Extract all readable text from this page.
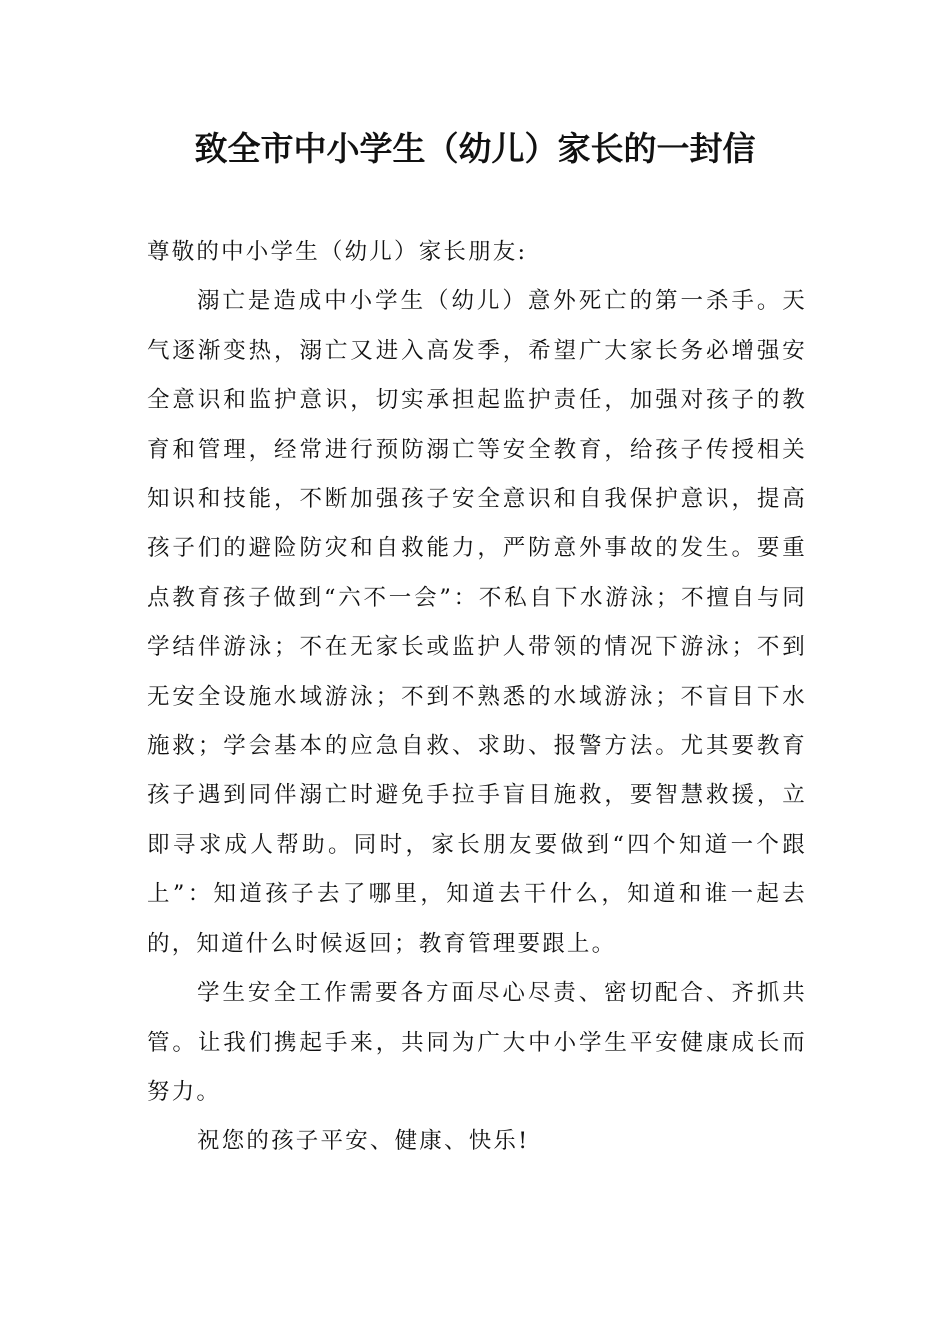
致全市中小学生（幼儿）家长的一封信

尊敬的中小学生（幼儿）家长朋友:

溺亡是造成中小学生（幼儿）意外死亡的第一杀手。天气逐渐变热，溺亡又进入高发季，希望广大家长务必增强安全意识和监护意识，切实承担起监护责任，加强对孩子的教育和管理，经常进行预防溺亡等安全教育，给孩子传授相关知识和技能，不断加强孩子安全意识和自我保护意识，提高孩子们的避险防灾和自救能力，严防意外事故的发生。要重点教育孩子做到“六不一会”：不私自下水游泳；不擅自与同学结伴游泳；不在无家长或监护人带领的情况下游泳；不到无安全设施水域游泳；不到不熟悉的水域游泳；不盲目下水施救；学会基本的应急自救、求助、报警方法。尤其要教育孩子遇到同伴溺亡时避免手拉手盲目施救，要智慧救援，立即寻求成人帮助。同时，家长朋友要做到“四个知道一个跟上”：知道孩子去了哪里，知道去干什么，知道和谁一起去的，知道什么时候返回；教育管理要跟上。

学生安全工作需要各方面尽心尽责、密切配合、齐抓共管。让我们携起手来，共同为广大中小学生平安健康成长而努力。

祝您的孩子平安、健康、快乐!
